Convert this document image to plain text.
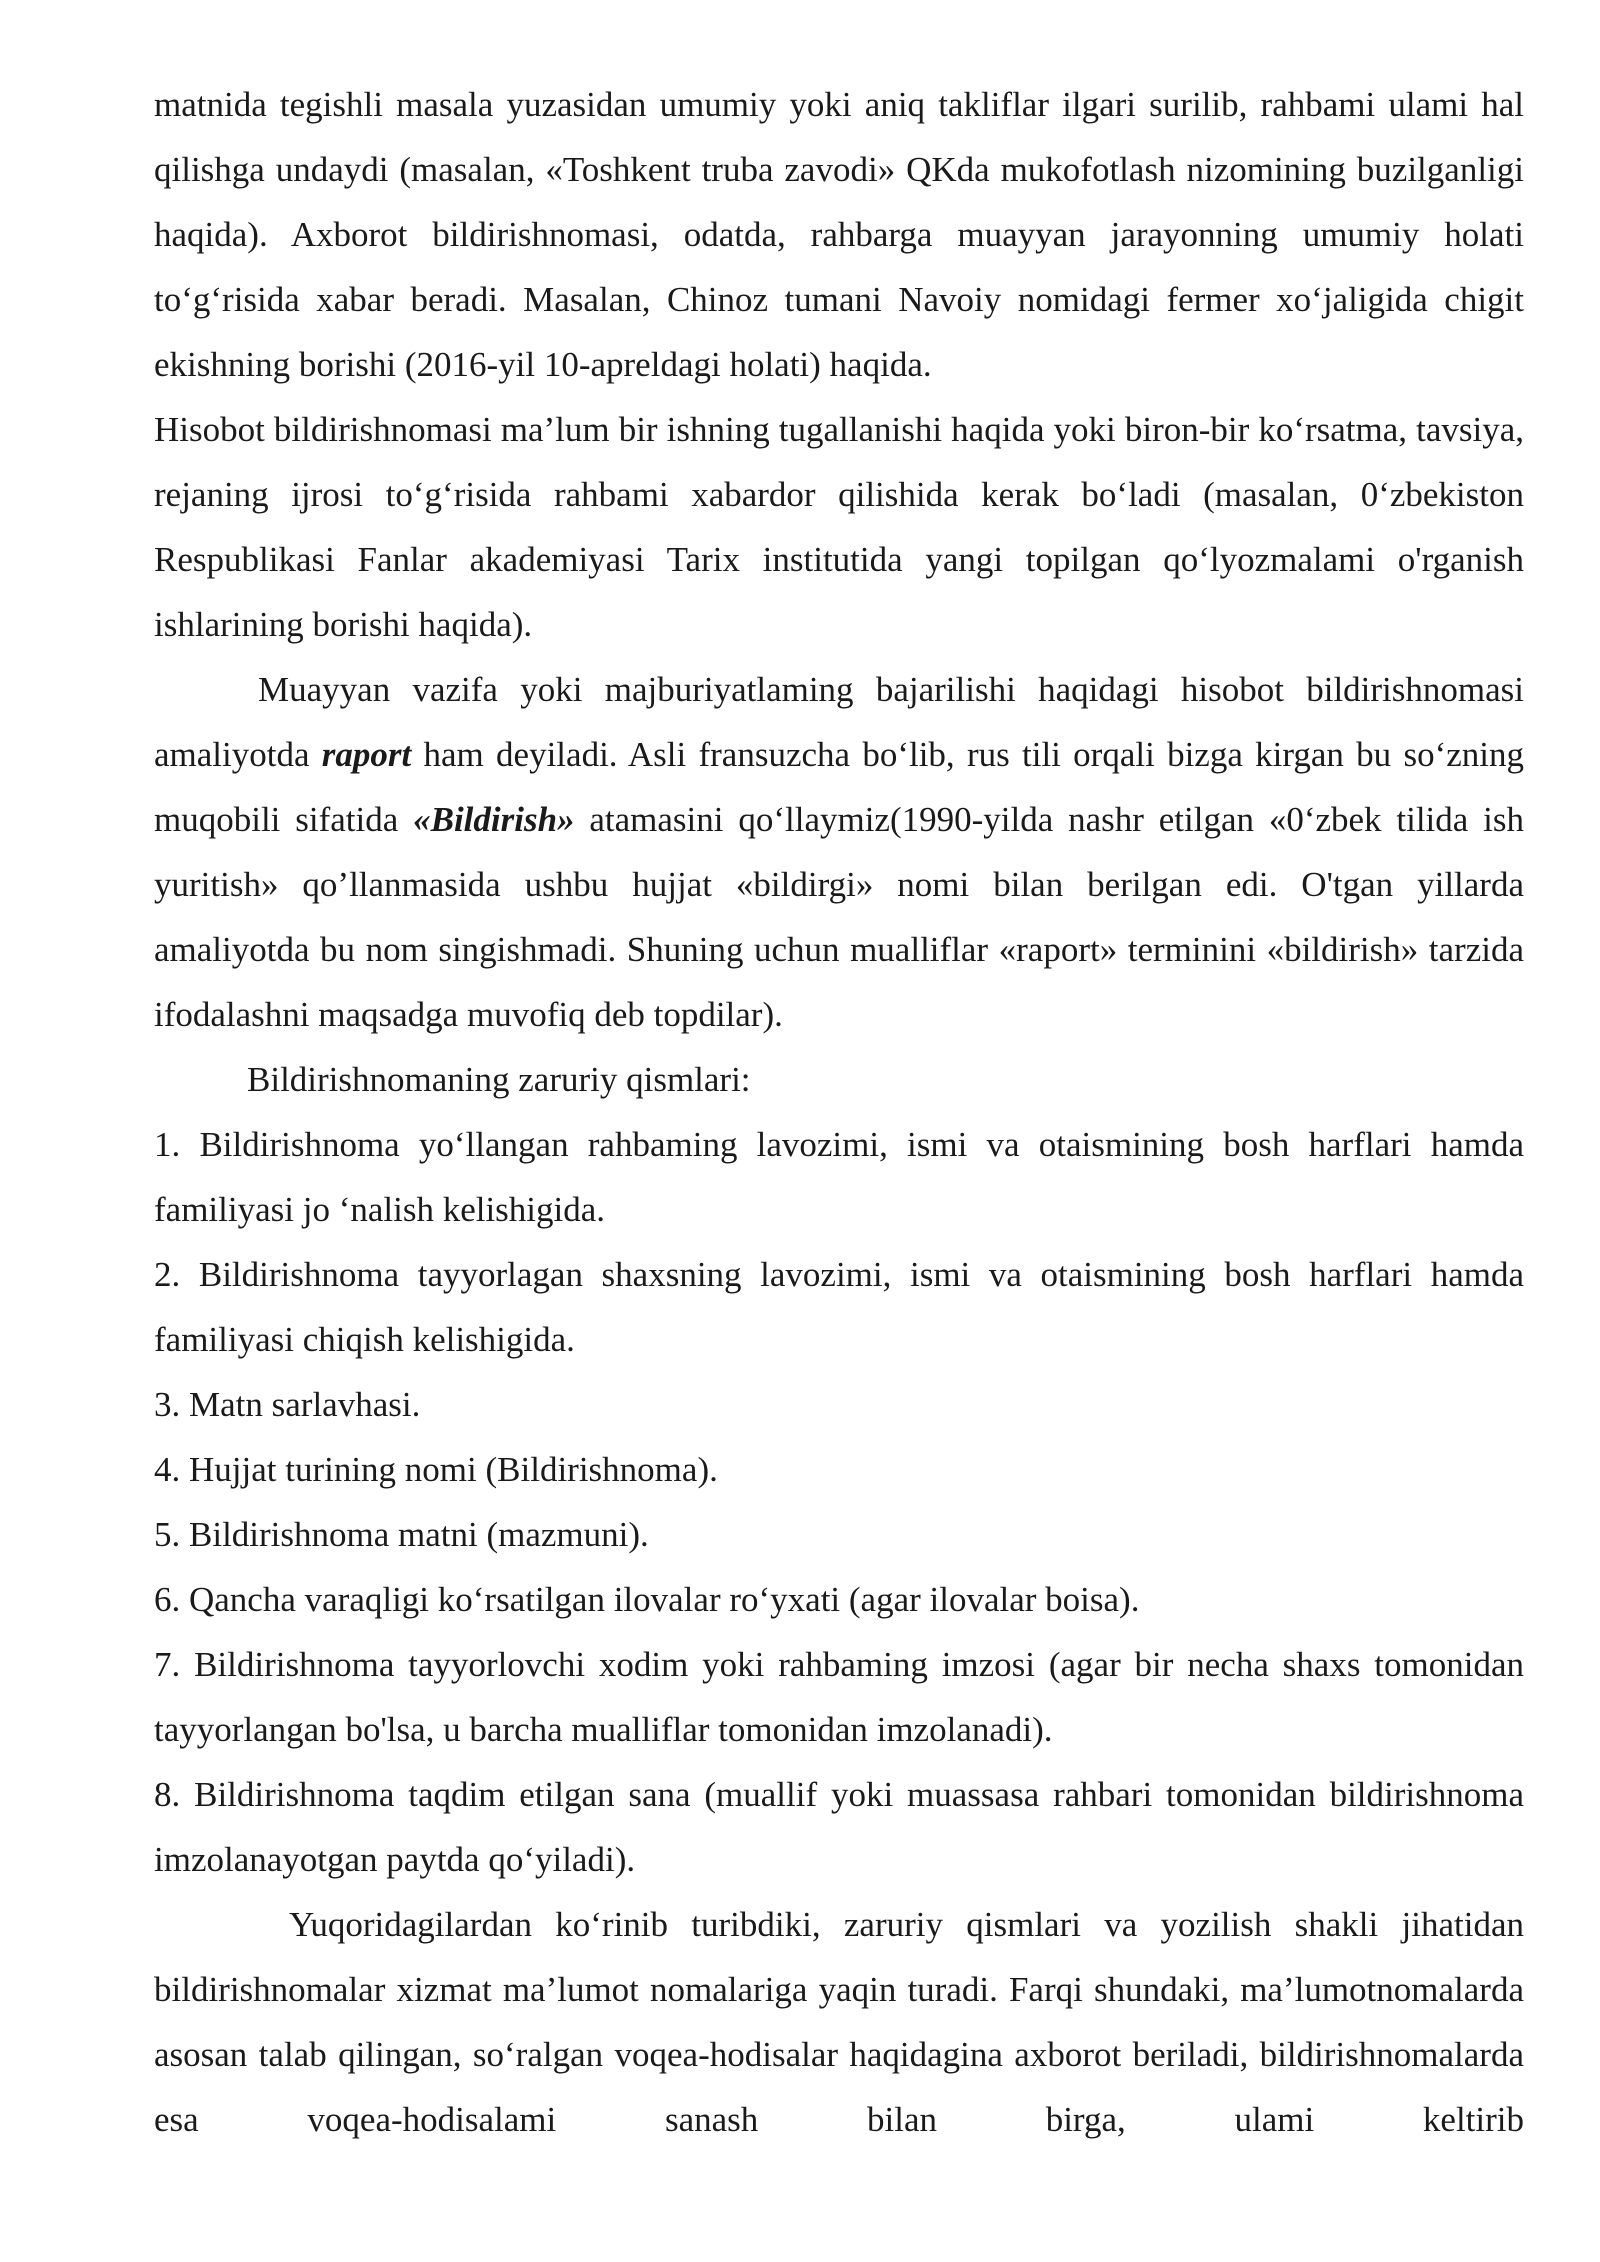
matnida tegishli masala yuzasidan umumiy yoki aniq takliflar ilgari surilib, rahbami ulami hal qilishga undaydi (masalan, «Toshkent truba zavodi» QKda mukofotlash nizomining buzilganligi haqida). Axborot bildirishnomasi, odatda, rahbarga muayyan jarayonning umumiy holati to‘g‘risida xabar beradi. Masalan, Chinoz tumani Navoiy nomidagi fermer xo‘jaligida chigit ekishning borishi (2016-yil 10-apreldagi holati) haqida.

Hisobot bildirishnomasi ma’lum bir ishning tugallanishi haqida yoki biron-bir ko‘rsatma, tavsiya, rejaning ijrosi to‘g‘risida rahbami xabardor qilishida kerak bo‘ladi (masalan, 0‘zbekiston Respublikasi Fanlar akademiyasi Tarix institutida yangi topilgan qo‘lyozmalami o'rganish ishlarining borishi haqida).

Muayyan vazifa yoki majburiyatlaming bajarilishi haqidagi hisobot bildirishnomasi amaliyotda raport ham deyiladi. Asli fransuzcha bo‘lib, rus tili orqali bizga kirgan bu so‘zning muqobili sifatida «Bildirish» atamasini qo‘llaymiz(1990-yilda nashr etilgan «0‘zbek tilida ish yuritish» qo’llanmasida ushbu hujjat «bildirgi» nomi bilan berilgan edi. O'tgan yillarda amaliyotda bu nom singishmadi. Shuning uchun mualliflar «raport» terminini «bildirish» tarzida ifodalashni maqsadga muvofiq deb topdilar).

Bildirishnomaning zaruriy qismlari:

1. Bildirishnoma yo‘llangan rahbaming lavozimi, ismi va otaismining bosh harflari hamda familiyasi jo ‘nalish kelishigida.

2. Bildirishnoma tayyorlagan shaxsning lavozimi, ismi va otaismining bosh harflari hamda familiyasi chiqish kelishigida.

3. Matn sarlavhasi.

4. Hujjat turining nomi (Bildirishnoma).

5. Bildirishnoma matni (mazmuni).

6. Qancha varaqligi ko‘rsatilgan ilovalar ro‘yxati (agar ilovalar boisa).

7. Bildirishnoma tayyorlovchi xodim yoki rahbaming imzosi (agar bir necha shaxs tomonidan tayyorlangan bo'lsa, u barcha mualliflar tomonidan imzolanadi).

8. Bildirishnoma taqdim etilgan sana (muallif yoki muassasa rahbari tomonidan bildirishnoma imzolanayotgan paytda qo‘yiladi).

Yuqoridagilardan ko‘rinib turibdiki, zaruriy qismlari va yozilish shakli jihatidan bildirishnomalar xizmat ma’lumot nomalariga yaqin turadi. Farqi shundaki, ma’lumotnomalarda asosan talab qilingan, so‘ralgan voqea-hodisalar haqidagina axborot beriladi, bildirishnomalarda esa voqea-hodisalami sanash bilan birga, ulami keltirib
